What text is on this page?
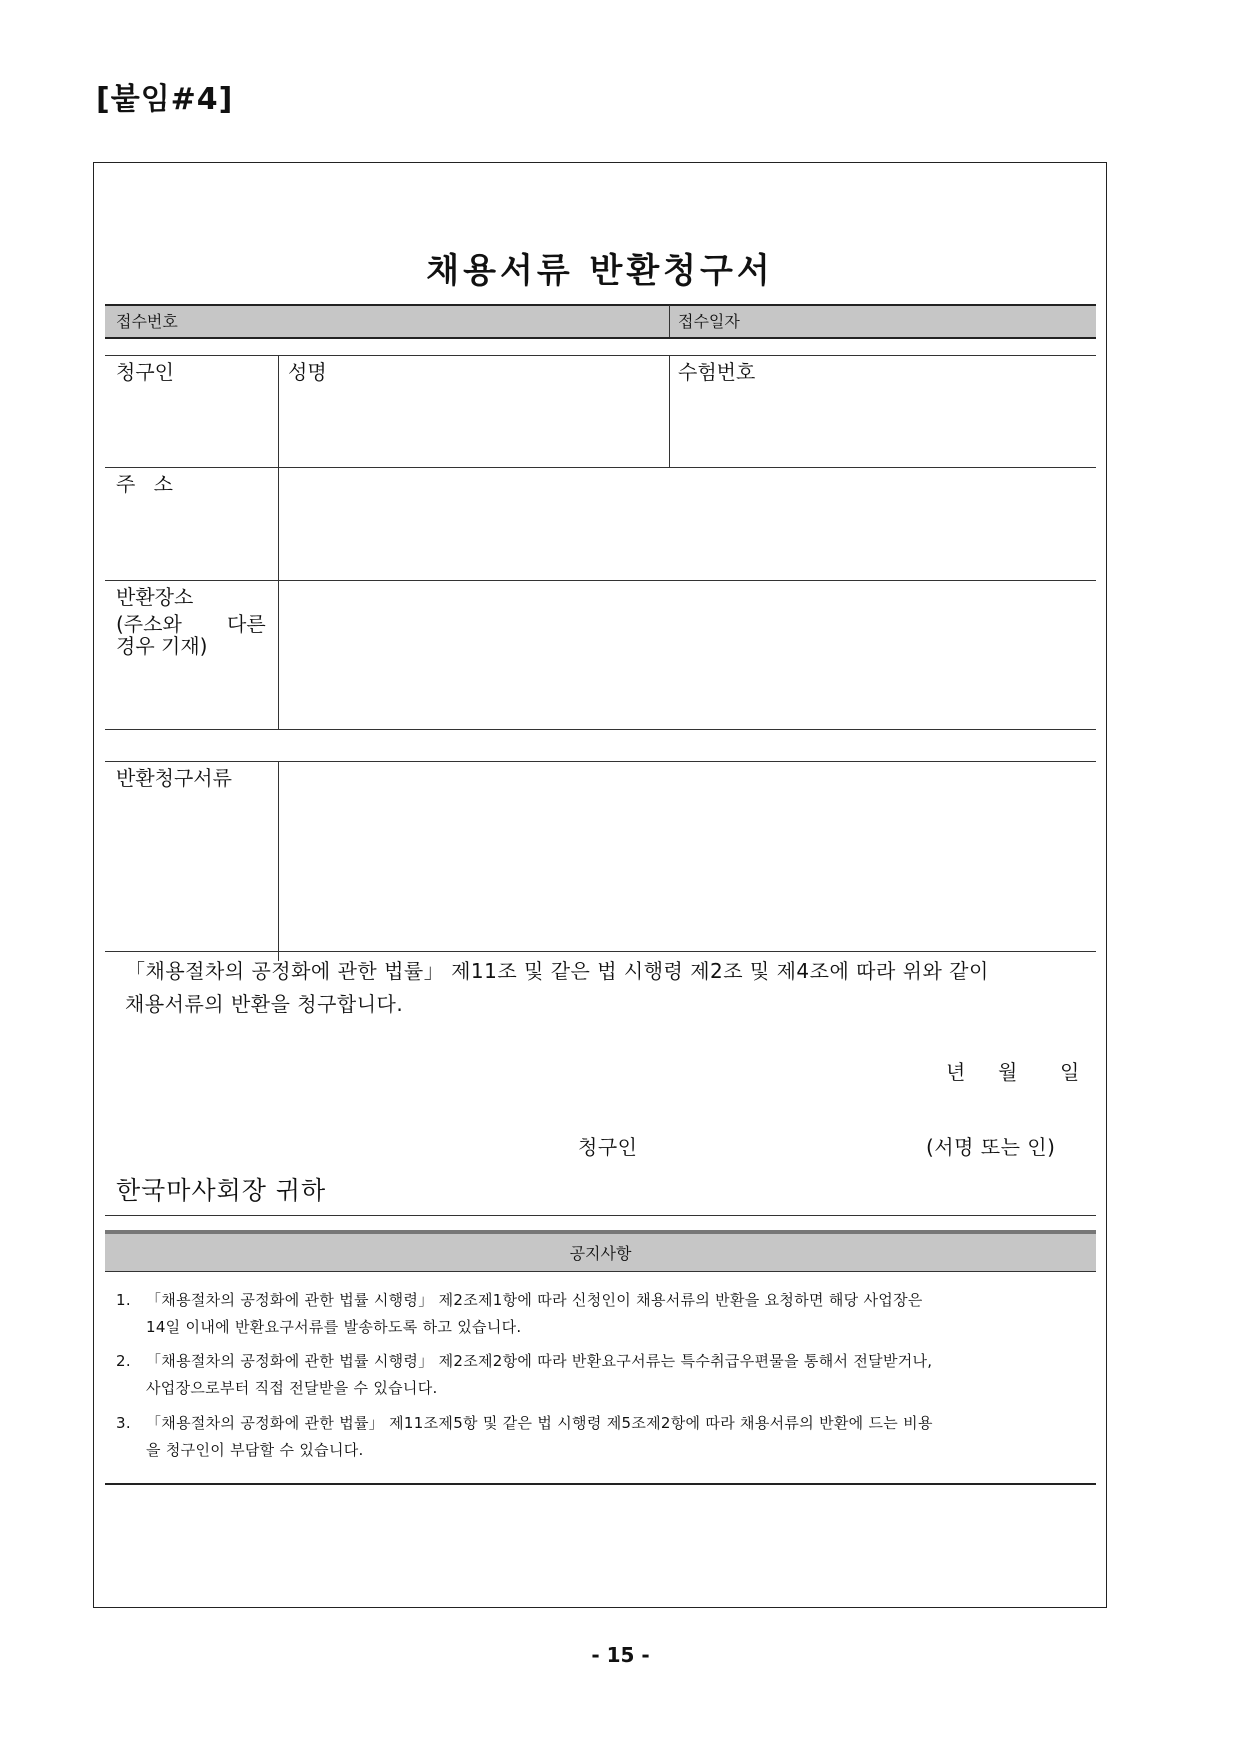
[붙임#4]
채용서류 반환청구서
접수번호	접수일자
청구인	성명	수험번호
주 소
반환장소
(주소와 다른
경우 기재)
반환청구서류
「채용절차의 공정화에 관한 법률」 제11조 및 같은 법 시행령 제2조 및 제4조에 따라 위와 같이
채용서류의 반환을 청구합니다.
년 월 일
청구인	(서명 또는 인)
한국마사회장 귀하
공지사항
1. 「채용절차의 공정화에 관한 법률 시행령」 제2조제1항에 따라 신청인이 채용서류의 반환을 요청하면 해당 사업장은
14일 이내에 반환요구서류를 발송하도록 하고 있습니다.
2. 「채용절차의 공정화에 관한 법률 시행령」 제2조제2항에 따라 반환요구서류는 특수취급우편물을 통해서 전달받거나,
사업장으로부터 직접 전달받을 수 있습니다.
3. 「채용절차의 공정화에 관한 법률」 제11조제5항 및 같은 법 시행령 제5조제2항에 따라 채용서류의 반환에 드는 비용
을 청구인이 부담할 수 있습니다.
- 15 -
